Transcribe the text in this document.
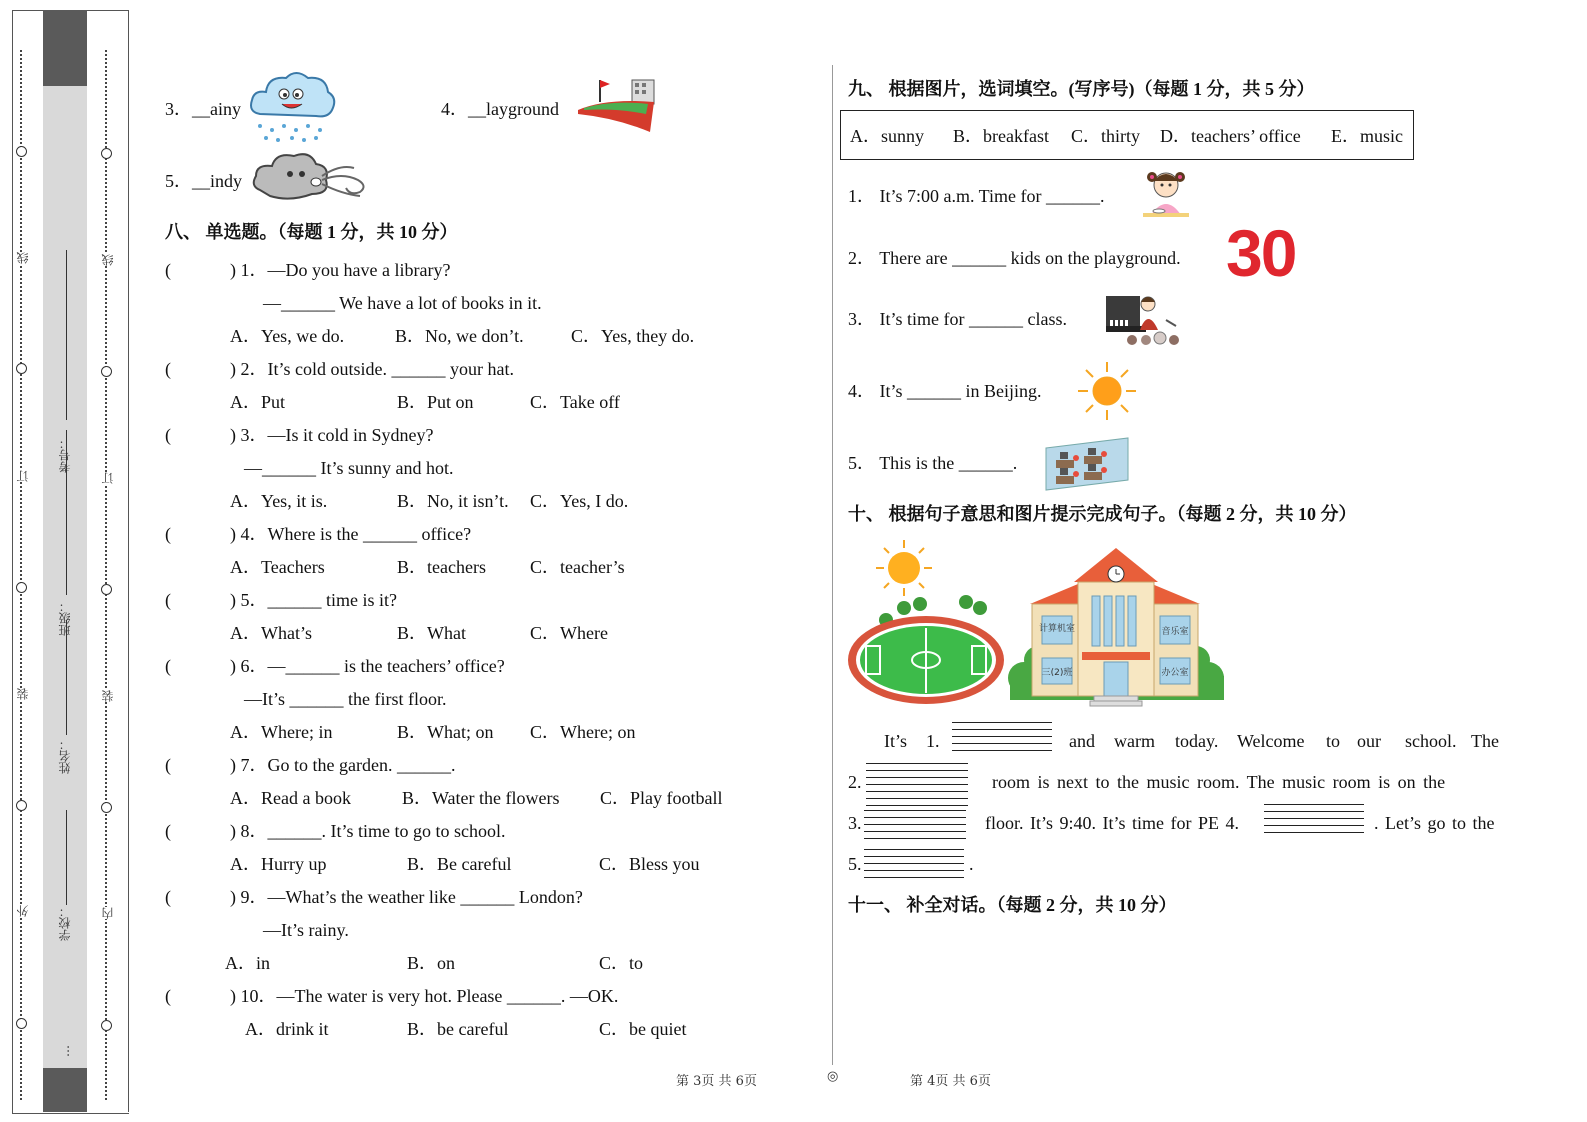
外
装
订
线
内
装
订
线
学校：
姓名：
班级：
考号：
…
3．__ainy	4．__layground
5．__indy
八、 单选题。（每题 1 分，共 10 分）
(	) 1．—Do you have a library?
—______ We have a lot of books in it.
A．Yes, we do.	B．No, we don’t.	C．Yes, they do.
(	) 2．It’s cold outside. ______ your hat.
A．Put	B．Put on	C．Take off
(	) 3．—Is it cold in Sydney?
—______ It’s sunny and hot.
A．Yes, it is.	B．No, it isn’t. C．Yes, I do.
(	) 4．Where is the ______ office?
A．Teachers	B．teachers C．teacher’s
(	) 5．______ time is it?
A．What’s	B．What	C．Where
(	) 6．—______ is the teachers’ office?
—It’s ______ the first floor.
A．Where; in	B．What; on C．Where; on
(	) 7．Go to the garden. ______.
A．Read a book	B．Water the flowers C．Play football
(	) 8．______. It’s time to go to school.
A．Hurry up	B．Be careful	C．Bless you
(	) 9．—What’s the weather like ______ London?
—It’s rainy.
A．in	B．on	C．to
(	) 10．—The water is very hot. Please ______. —OK.
A．drink it	B．be careful	C．be quiet
九、 根据图片，选词填空。(写序号)（每题 1 分，共 5 分）
A．sunny B．breakfast C．thirty D．teachers’ office E．music
1． It’s 7:00 a.m. Time for ______.
2． There are ______ kids on the playground. 30
3． It’s time for ______ class.
4． It’s ______ in Beijing.
5． This is the ______.
十、 根据句子意思和图片提示完成句子。（每题 2 分，共 10 分）
计算机室	音乐室
三(2)班	办公室
It’s 1.	and warm today. Welcome to our school. The
2.	room is next to the music room. The music room is on the
3.	floor. It’s 9:40. It’s time for PE 4.	. Let’s go to the
5.	.
十一、 补全对话。（每题 2 分，共 10 分）
第 3页 共 6页	◎	第 4页 共 6页
